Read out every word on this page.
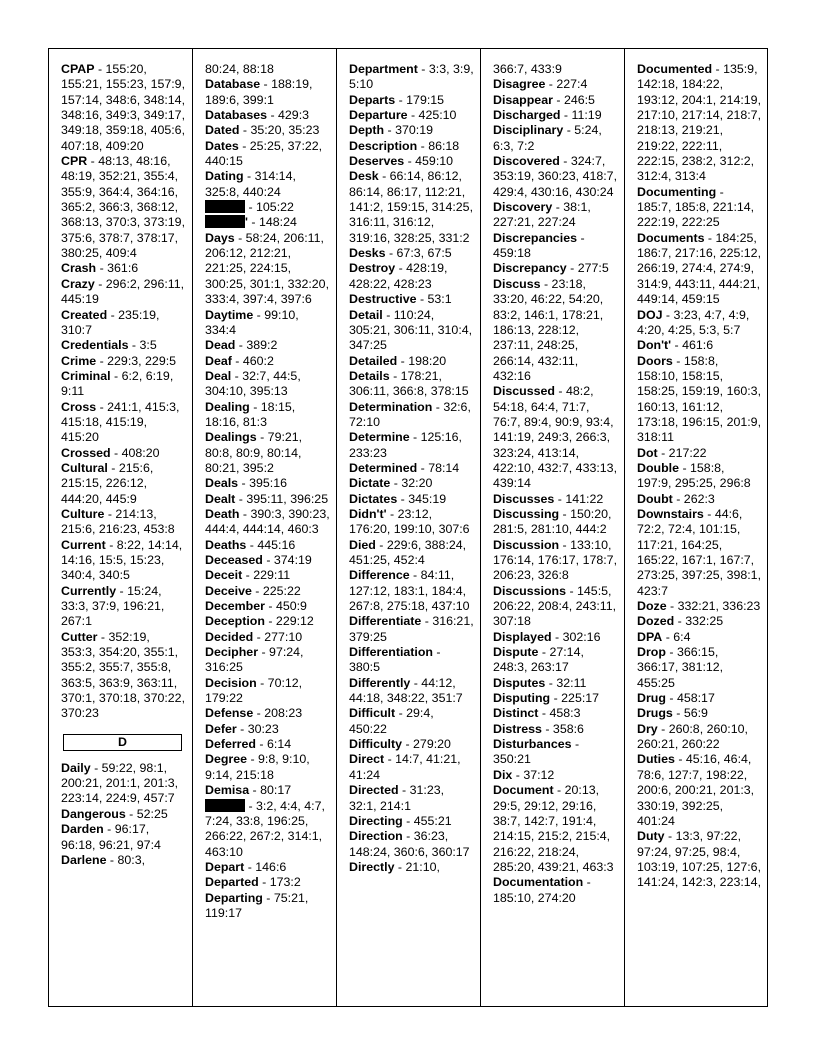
CPAP - 155:20, 155:21, 155:23, 157:9, 157:14, 348:6, 348:14, 348:16, 349:3, 349:17, 349:18, 359:18, 405:6, 407:18, 409:20

CPR - 48:13, 48:16, 48:19, 352:21, 355:4, 355:9, 364:4, 364:16, 365:2, 366:3, 368:12, 368:13, 370:3, 373:19, 375:6, 378:7, 378:17, 380:25, 409:4

Crash - 361:6

Crazy - 296:2, 296:11, 445:19

Created - 235:19, 310:7

Credentials - 3:5

Crime - 229:3, 229:5

Criminal - 6:2, 6:19, 9:11

Cross - 241:1, 415:3, 415:18, 415:19, 415:20

Crossed - 408:20

Cultural - 215:6, 215:15, 226:12, 444:20, 445:9

Culture - 214:13, 215:6, 216:23, 453:8

Current - 8:22, 14:14, 14:16, 15:5, 15:23, 340:4, 340:5

Currently - 15:24, 33:3, 37:9, 196:21, 267:1

Cutter - 352:19, 353:3, 354:20, 355:1, 355:2, 355:7, 355:8, 363:5, 363:9, 363:11, 370:1, 370:18, 370:22, 370:23

D

Daily - 59:22, 98:1, 200:21, 201:1, 201:3, 223:14, 224:9, 457:7

Dangerous - 52:25

Darden - 96:17, 96:18, 96:21, 97:4

Darlene - 80:3,

80:24, 88:18

Database - 188:19, 189:6, 399:1

Databases - 429:3

Dated - 35:20, 35:23

Dates - 25:25, 37:22, 440:15

Dating - 314:14, 325:8, 440:24

- 105:22

' - 148:24

Days - 58:24, 206:11, 206:12, 212:21, 221:25, 224:15, 300:25, 301:1, 332:20, 333:4, 397:4, 397:6

Daytime - 99:10, 334:4

Dead - 389:2

Deaf - 460:2

Deal - 32:7, 44:5, 304:10, 395:13

Dealing - 18:15, 18:16, 81:3

Dealings - 79:21, 80:8, 80:9, 80:14, 80:21, 395:2

Deals - 395:16

Dealt - 395:11, 396:25

Death - 390:3, 390:23, 444:4, 444:14, 460:3

Deaths - 445:16

Deceased - 374:19

Deceit - 229:11

Deceive - 225:22

December - 450:9

Deception - 229:12

Decided - 277:10

Decipher - 97:24, 316:25

Decision - 70:12, 179:22

Defense - 208:23

Defer - 30:23

Deferred - 6:14

Degree - 9:8, 9:10, 9:14, 215:18

Demisa - 80:17

- 3:2, 4:4, 4:7, 7:24, 33:8, 196:25, 266:22, 267:2, 314:1, 463:10

Depart - 146:6

Departed - 173:2

Departing - 75:21, 119:17

Department - 3:3, 3:9, 5:10

Departs - 179:15

Departure - 425:10

Depth - 370:19

Description - 86:18

Deserves - 459:10

Desk - 66:14, 86:12, 86:14, 86:17, 112:21, 141:2, 159:15, 314:25, 316:11, 316:12, 319:16, 328:25, 331:2

Desks - 67:3, 67:5

Destroy - 428:19, 428:22, 428:23

Destructive - 53:1

Detail - 110:24, 305:21, 306:11, 310:4, 347:25

Detailed - 198:20

Details - 178:21, 306:11, 366:8, 378:15

Determination - 32:6, 72:10

Determine - 125:16, 233:23

Determined - 78:14

Dictate - 32:20

Dictates - 345:19

Didn't' - 23:12, 176:20, 199:10, 307:6

Died - 229:6, 388:24, 451:25, 452:4

Difference - 84:11, 127:12, 183:1, 184:4, 267:8, 275:18, 437:10

Differentiate - 316:21, 379:25

Differentiation - 380:5

Differently - 44:12, 44:18, 348:22, 351:7

Difficult - 29:4, 450:22

Difficulty - 279:20

Direct - 14:7, 41:21, 41:24

Directed - 31:23, 32:1, 214:1

Directing - 455:21

Direction - 36:23, 148:24, 360:6, 360:17

Directly - 21:10,

366:7, 433:9

Disagree - 227:4

Disappear - 246:5

Discharged - 11:19

Disciplinary - 5:24, 6:3, 7:2

Discovered - 324:7, 353:19, 360:23, 418:7, 429:4, 430:16, 430:24

Discovery - 38:1, 227:21, 227:24

Discrepancies - 459:18

Discrepancy - 277:5

Discuss - 23:18, 33:20, 46:22, 54:20, 83:2, 146:1, 178:21, 186:13, 228:12, 237:11, 248:25, 266:14, 432:11, 432:16

Discussed - 48:2, 54:18, 64:4, 71:7, 76:7, 89:4, 90:9, 93:4, 141:19, 249:3, 266:3, 323:24, 413:14, 422:10, 432:7, 433:13, 439:14

Discusses - 141:22

Discussing - 150:20, 281:5, 281:10, 444:2

Discussion - 133:10, 176:14, 176:17, 178:7, 206:23, 326:8

Discussions - 145:5, 206:22, 208:4, 243:11, 307:18

Displayed - 302:16

Dispute - 27:14, 248:3, 263:17

Disputes - 32:11

Disputing - 225:17

Distinct - 458:3

Distress - 358:6

Disturbances - 350:21

Dix - 37:12

Document - 20:13, 29:5, 29:12, 29:16, 38:7, 142:7, 191:4, 214:15, 215:2, 215:4, 216:22, 218:24, 285:20, 439:21, 463:3

Documentation - 185:10, 274:20

Documented - 135:9, 142:18, 184:22, 193:12, 204:1, 214:19, 217:10, 217:14, 218:7, 218:13, 219:21, 219:22, 222:11, 222:15, 238:2, 312:2, 312:4, 313:4

Documenting - 185:7, 185:8, 221:14, 222:19, 222:25

Documents - 184:25, 186:7, 217:16, 225:12, 266:19, 274:4, 274:9, 314:9, 443:11, 444:21, 449:14, 459:15

DOJ - 3:23, 4:7, 4:9, 4:20, 4:25, 5:3, 5:7

Don't' - 461:6

Doors - 158:8, 158:10, 158:15, 158:25, 159:19, 160:3, 160:13, 161:12, 173:18, 196:15, 201:9, 318:11

Dot - 217:22

Double - 158:8, 197:9, 295:25, 296:8

Doubt - 262:3

Downstairs - 44:6, 72:2, 72:4, 101:15, 117:21, 164:25, 165:22, 167:1, 167:7, 273:25, 397:25, 398:1, 423:7

Doze - 332:21, 336:23

Dozed - 332:25

DPA - 6:4

Drop - 366:15, 366:17, 381:12, 455:25

Drug - 458:17

Drugs - 56:9

Dry - 260:8, 260:10, 260:21, 260:22

Duties - 45:16, 46:4, 78:6, 127:7, 198:22, 200:6, 200:21, 201:3, 330:19, 392:25, 401:24

Duty - 13:3, 97:22, 97:24, 97:25, 98:4, 103:19, 107:25, 127:6, 141:24, 142:3, 223:14,
